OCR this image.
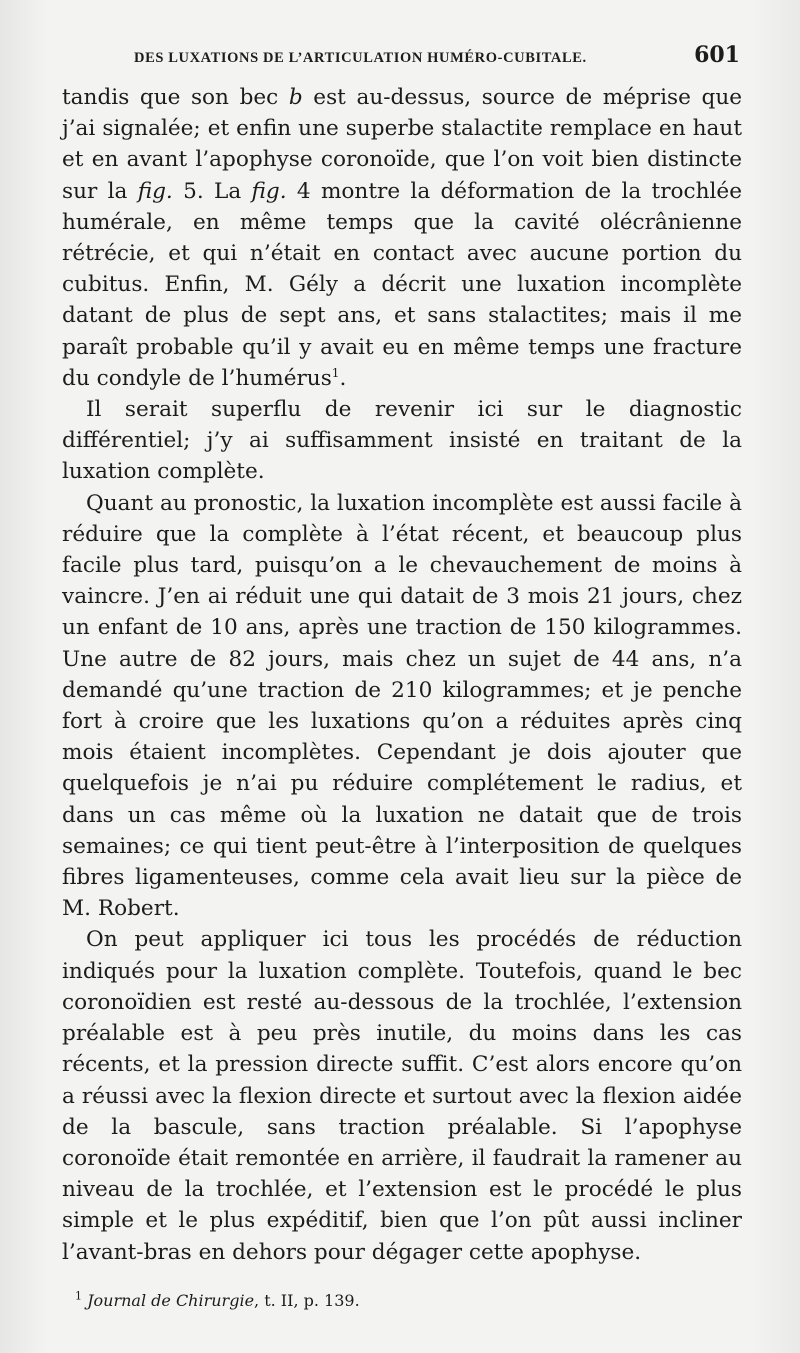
DES LUXATIONS DE L’ARTICULATION HUMÉRO-CUBITALE.	601

tandis que son bec b est au-dessus, source de méprise que j’ai signalée; et enfin une superbe stalactite remplace en haut et en avant l’apophyse coronoïde, que l’on voit bien distincte sur la fig. 5. La fig. 4 montre la déformation de la trochlée humérale, en même temps que la cavité olécrânienne rétrécie, et qui n’était en contact avec aucune portion du cubitus. Enfin, M. Gély a décrit une luxation incomplète datant de plus de sept ans, et sans stalactites; mais il me paraît probable qu’il y avait eu en même temps une fracture du condyle de l’humérus$^1$.

Il serait superflu de revenir ici sur le diagnostic différentiel; j’y ai suffisamment insisté en traitant de la luxation complète.

Quant au pronostic, la luxation incomplète est aussi facile à réduire que la complète à l’état récent, et beaucoup plus facile plus tard, puisqu’on a le chevauchement de moins à vaincre. J’en ai réduit une qui datait de 3 mois 21 jours, chez un enfant de 10 ans, après une traction de 150 kilogrammes. Une autre de 82 jours, mais chez un sujet de 44 ans, n’a demandé qu’une traction de 210 kilogrammes; et je penche fort à croire que les luxations qu’on a réduites après cinq mois étaient incomplètes. Cependant je dois ajouter que quelquefois je n’ai pu réduire complétement le radius, et dans un cas même où la luxation ne datait que de trois semaines; ce qui tient peut-être à l’interposition de quelques fibres ligamenteuses, comme cela avait lieu sur la pièce de M. Robert.

On peut appliquer ici tous les procédés de réduction indiqués pour la luxation complète. Toutefois, quand le bec coronoïdien est resté au-dessous de la trochlée, l’extension préalable est à peu près inutile, du moins dans les cas récents, et la pression directe suffit. C’est alors encore qu’on a réussi avec la flexion directe et surtout avec la flexion aidée de la bascule, sans traction préalable. Si l’apophyse coronoïde était remontée en arrière, il faudrait la ramener au niveau de la trochlée, et l’extension est le procédé le plus simple et le plus expéditif, bien que l’on pût aussi incliner l’avant-bras en dehors pour dégager cette apophyse.

$^1$ Journal de Chirurgie, t. II, p. 139.
